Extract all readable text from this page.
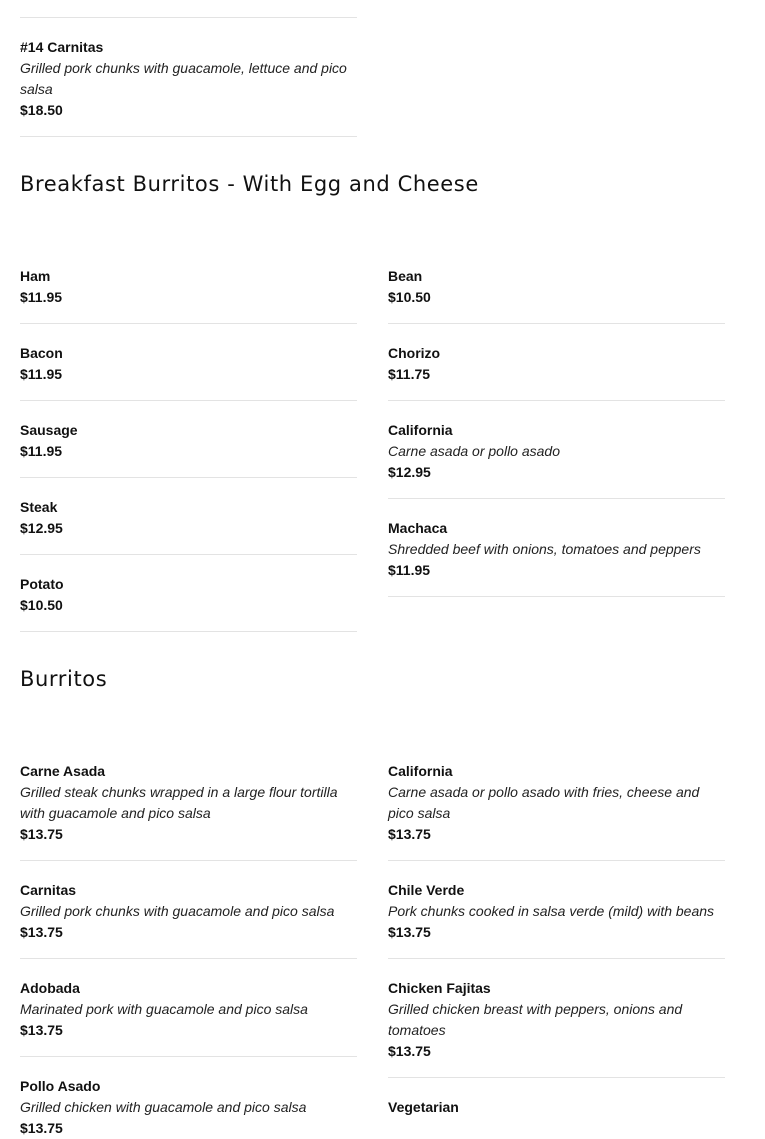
#14 Carnitas
Grilled pork chunks with guacamole, lettuce and pico salsa
$18.50
Breakfast Burritos - With Egg and Cheese
Ham
$11.95
Bacon
$11.95
Sausage
$11.95
Steak
$12.95
Potato
$10.50
Bean
$10.50
Chorizo
$11.75
California
Carne asada or pollo asado
$12.95
Machaca
Shredded beef with onions, tomatoes and peppers
$11.95
Burritos
Carne Asada
Grilled steak chunks wrapped in a large flour tortilla with guacamole and pico salsa
$13.75
Carnitas
Grilled pork chunks with guacamole and pico salsa
$13.75
Adobada
Marinated pork with guacamole and pico salsa
$13.75
Pollo Asado
Grilled chicken with guacamole and pico salsa
$13.75
California
Carne asada or pollo asado with fries, cheese and pico salsa
$13.75
Chile Verde
Pork chunks cooked in salsa verde (mild) with beans
$13.75
Chicken Fajitas
Grilled chicken breast with peppers, onions and tomatoes
$13.75
Vegetarian
